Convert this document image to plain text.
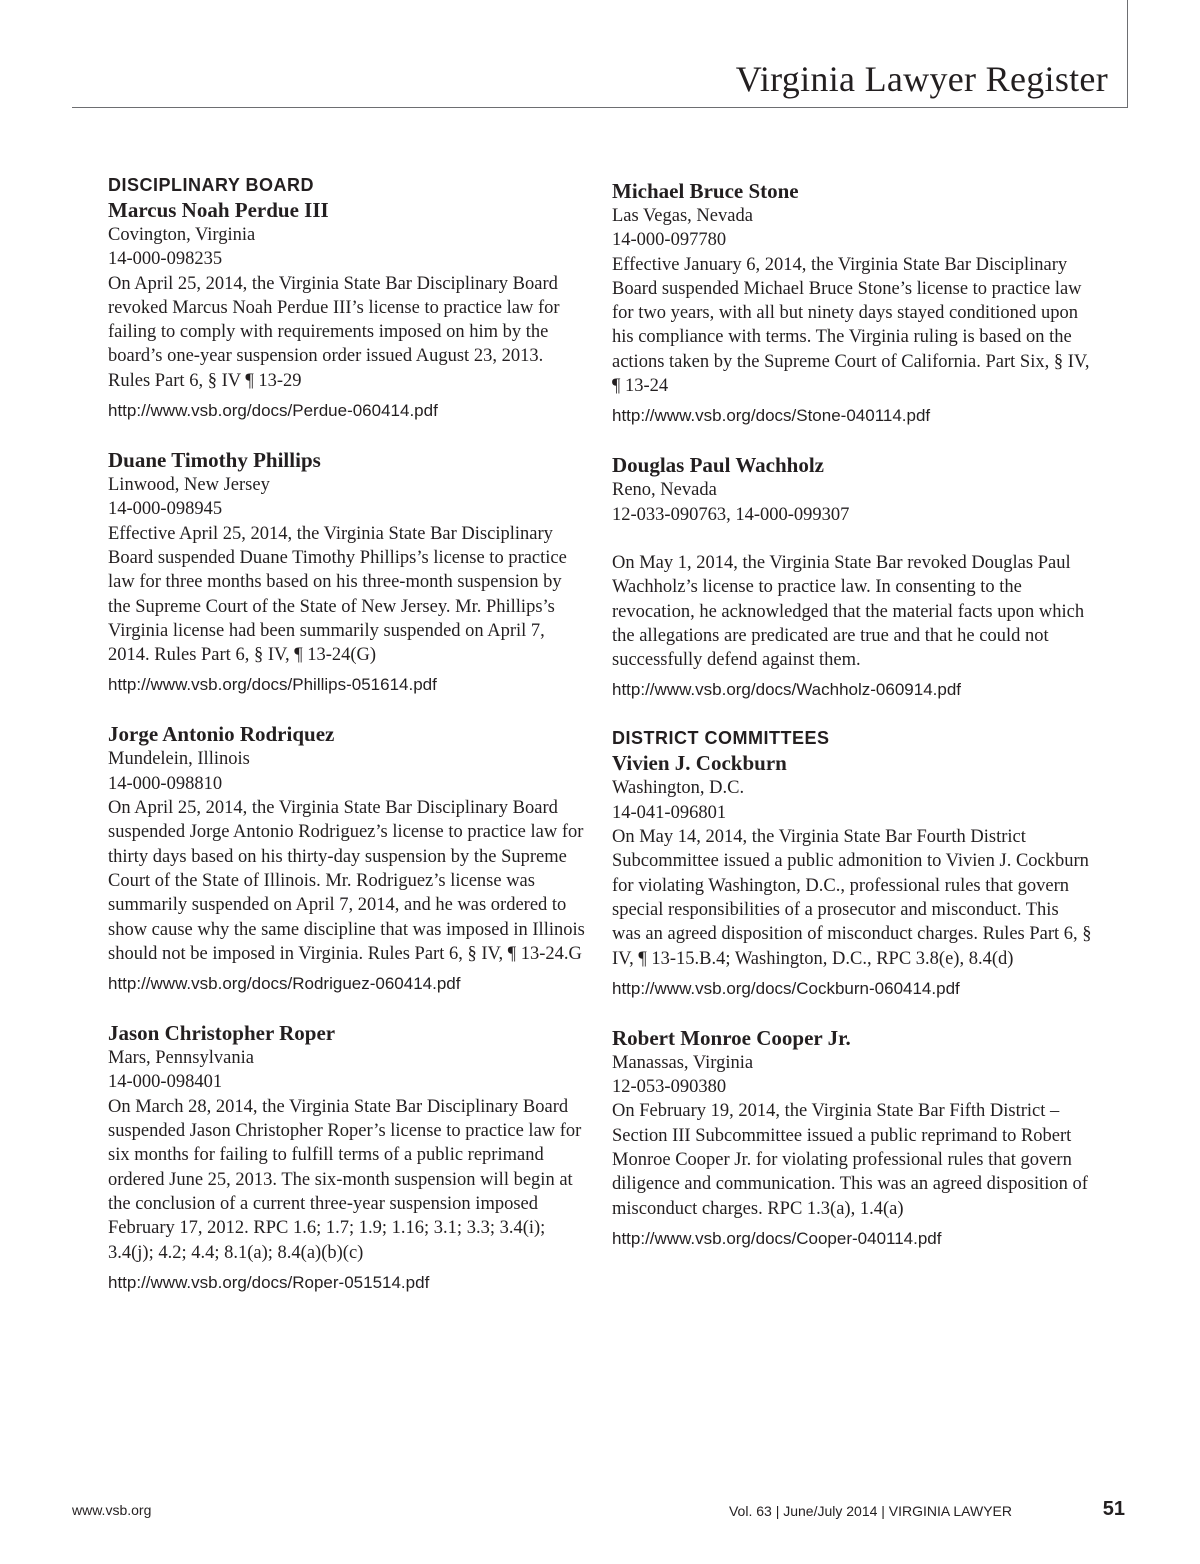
Virginia Lawyer Register
DISCIPLINARY BOARD
Marcus Noah Perdue III
Covington, Virginia
14-000-098235
On April 25, 2014, the Virginia State Bar Disciplinary Board revoked Marcus Noah Perdue III’s license to practice law for failing to comply with requirements imposed on him by the board’s one-year suspension order issued August 23, 2013. Rules Part 6, § IV ¶ 13-29
http://www.vsb.org/docs/Perdue-060414.pdf
Duane Timothy Phillips
Linwood, New Jersey
14-000-098945
Effective April 25, 2014, the Virginia State Bar Disciplinary Board suspended Duane Timothy Phillips’s license to practice law for three months based on his three-month suspension by the Supreme Court of the State of New Jersey. Mr. Phillips’s Virginia license had been summarily suspended on April 7, 2014. Rules Part 6, § IV, ¶ 13-24(G)
http://www.vsb.org/docs/Phillips-051614.pdf
Jorge Antonio Rodriquez
Mundelein, Illinois
14-000-098810
On April 25, 2014, the Virginia State Bar Disciplinary Board suspended Jorge Antonio Rodriguez’s license to practice law for thirty days based on his thirty-day suspension by the Supreme Court of the State of Illinois. Mr. Rodriguez’s license was summarily suspended on April 7, 2014, and he was ordered to show cause why the same discipline that was imposed in Illinois should not be imposed in Virginia. Rules Part 6, § IV, ¶ 13-24.G
http://www.vsb.org/docs/Rodriguez-060414.pdf
Jason Christopher Roper
Mars, Pennsylvania
14-000-098401
On March 28, 2014, the Virginia State Bar Disciplinary Board suspended Jason Christopher Roper’s license to practice law for six months for failing to fulfill terms of a public reprimand ordered June 25, 2013. The six-month suspension will begin at the conclusion of a current three-year suspension imposed February 17, 2012. RPC 1.6; 1.7; 1.9; 1.16; 3.1; 3.3; 3.4(i); 3.4(j); 4.2; 4.4; 8.1(a); 8.4(a)(b)(c)
http://www.vsb.org/docs/Roper-051514.pdf
Michael Bruce Stone
Las Vegas, Nevada
14-000-097780
Effective January 6, 2014, the Virginia State Bar Disciplinary Board suspended Michael Bruce Stone’s license to practice law for two years, with all but ninety days stayed conditioned upon his compliance with terms. The Virginia ruling is based on the actions taken by the Supreme Court of California. Part Six, § IV, ¶ 13-24
http://www.vsb.org/docs/Stone-040114.pdf
Douglas Paul Wachholz
Reno, Nevada
12-033-090763, 14-000-099307
On May 1, 2014, the Virginia State Bar revoked Douglas Paul Wachholz’s license to practice law. In consenting to the revocation, he acknowledged that the material facts upon which the allegations are predicated are true and that he could not successfully defend against them.
http://www.vsb.org/docs/Wachholz-060914.pdf
DISTRICT COMMITTEES
Vivien J. Cockburn
Washington, D.C.
14-041-096801
On May 14, 2014, the Virginia State Bar Fourth District Subcommittee issued a public admonition to Vivien J. Cockburn for violating Washington, D.C., professional rules that govern special responsibilities of a prosecutor and misconduct. This was an agreed disposition of misconduct charges. Rules Part 6, § IV, ¶ 13-15.B.4; Washington, D.C., RPC 3.8(e), 8.4(d)
http://www.vsb.org/docs/Cockburn-060414.pdf
Robert Monroe Cooper Jr.
Manassas, Virginia
12-053-090380
On February 19, 2014, the Virginia State Bar Fifth District – Section III Subcommittee issued a public reprimand to Robert Monroe Cooper Jr. for violating professional rules that govern diligence and communication. This was an agreed disposition of misconduct charges. RPC 1.3(a), 1.4(a)
http://www.vsb.org/docs/Cooper-040114.pdf
www.vsb.org	Vol. 63 | June/July 2014 | VIRGINIA LAWYER	51
